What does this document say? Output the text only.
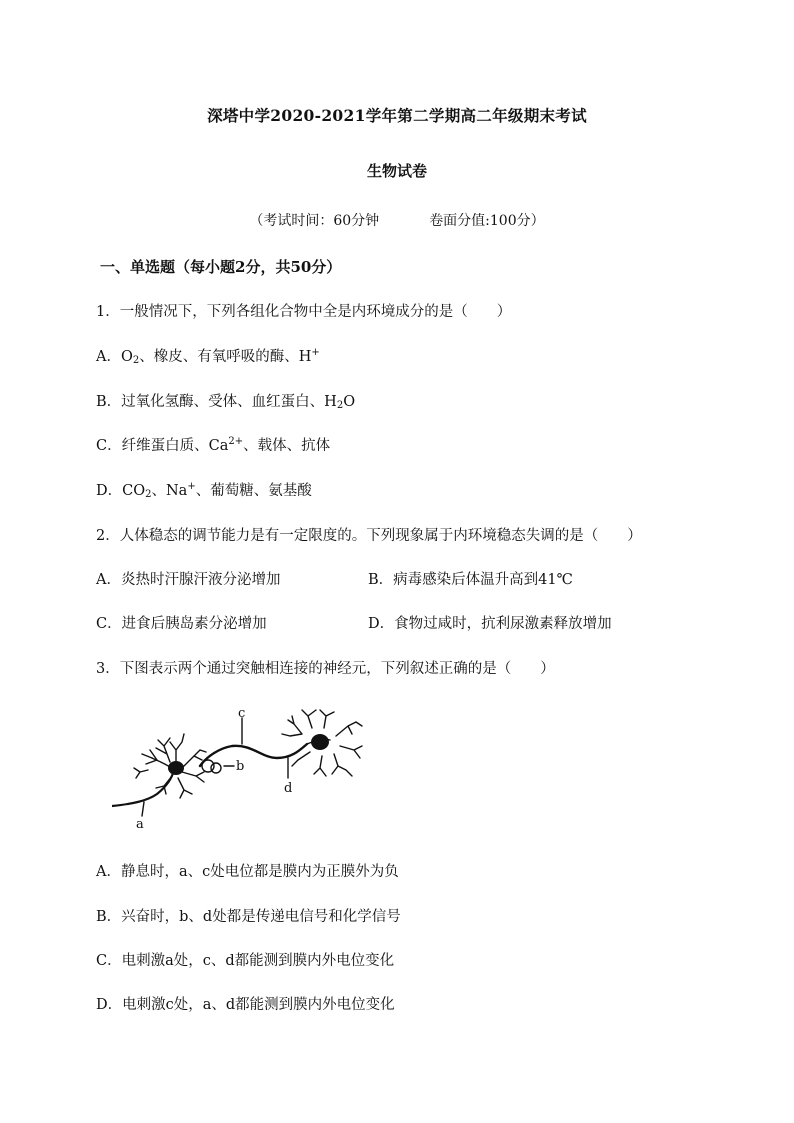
深塔中学2020-2021学年第二学期高二年级期末考试
生物试卷
（考试时间：60分钟	卷面分值:100分）
一、单选题（每小题2分，共50分）
1．一般情况下，下列各组化合物中全是内环境成分的是（　　）
A．$O_2$、橡皮、有氧呼吸的酶、H+
B．过氧化氢酶、受体、血红蛋白、$H_2O$
C．纤维蛋白质、$Ca^{2+}$、载体、抗体
D．$CO_2$、Na+、葡萄糖、氨基酸
2．人体稳态的调节能力是有一定限度的。下列现象属于内环境稳态失调的是（　　）
A．炎热时汗腺汗液分泌增加	B．病毒感染后体温升高到41℃
C．进食后胰岛素分泌增加	D．食物过咸时，抗利尿激素释放增加
3．下图表示两个通过突触相连接的神经元，下列叙述正确的是（　　）
c
b
d
a
A．静息时，a、c处电位都是膜内为正膜外为负
B．兴奋时，b、d处都是传递电信号和化学信号
C．电刺激a处，c、d都能测到膜内外电位变化
D．电刺激c处，a、d都能测到膜内外电位变化
